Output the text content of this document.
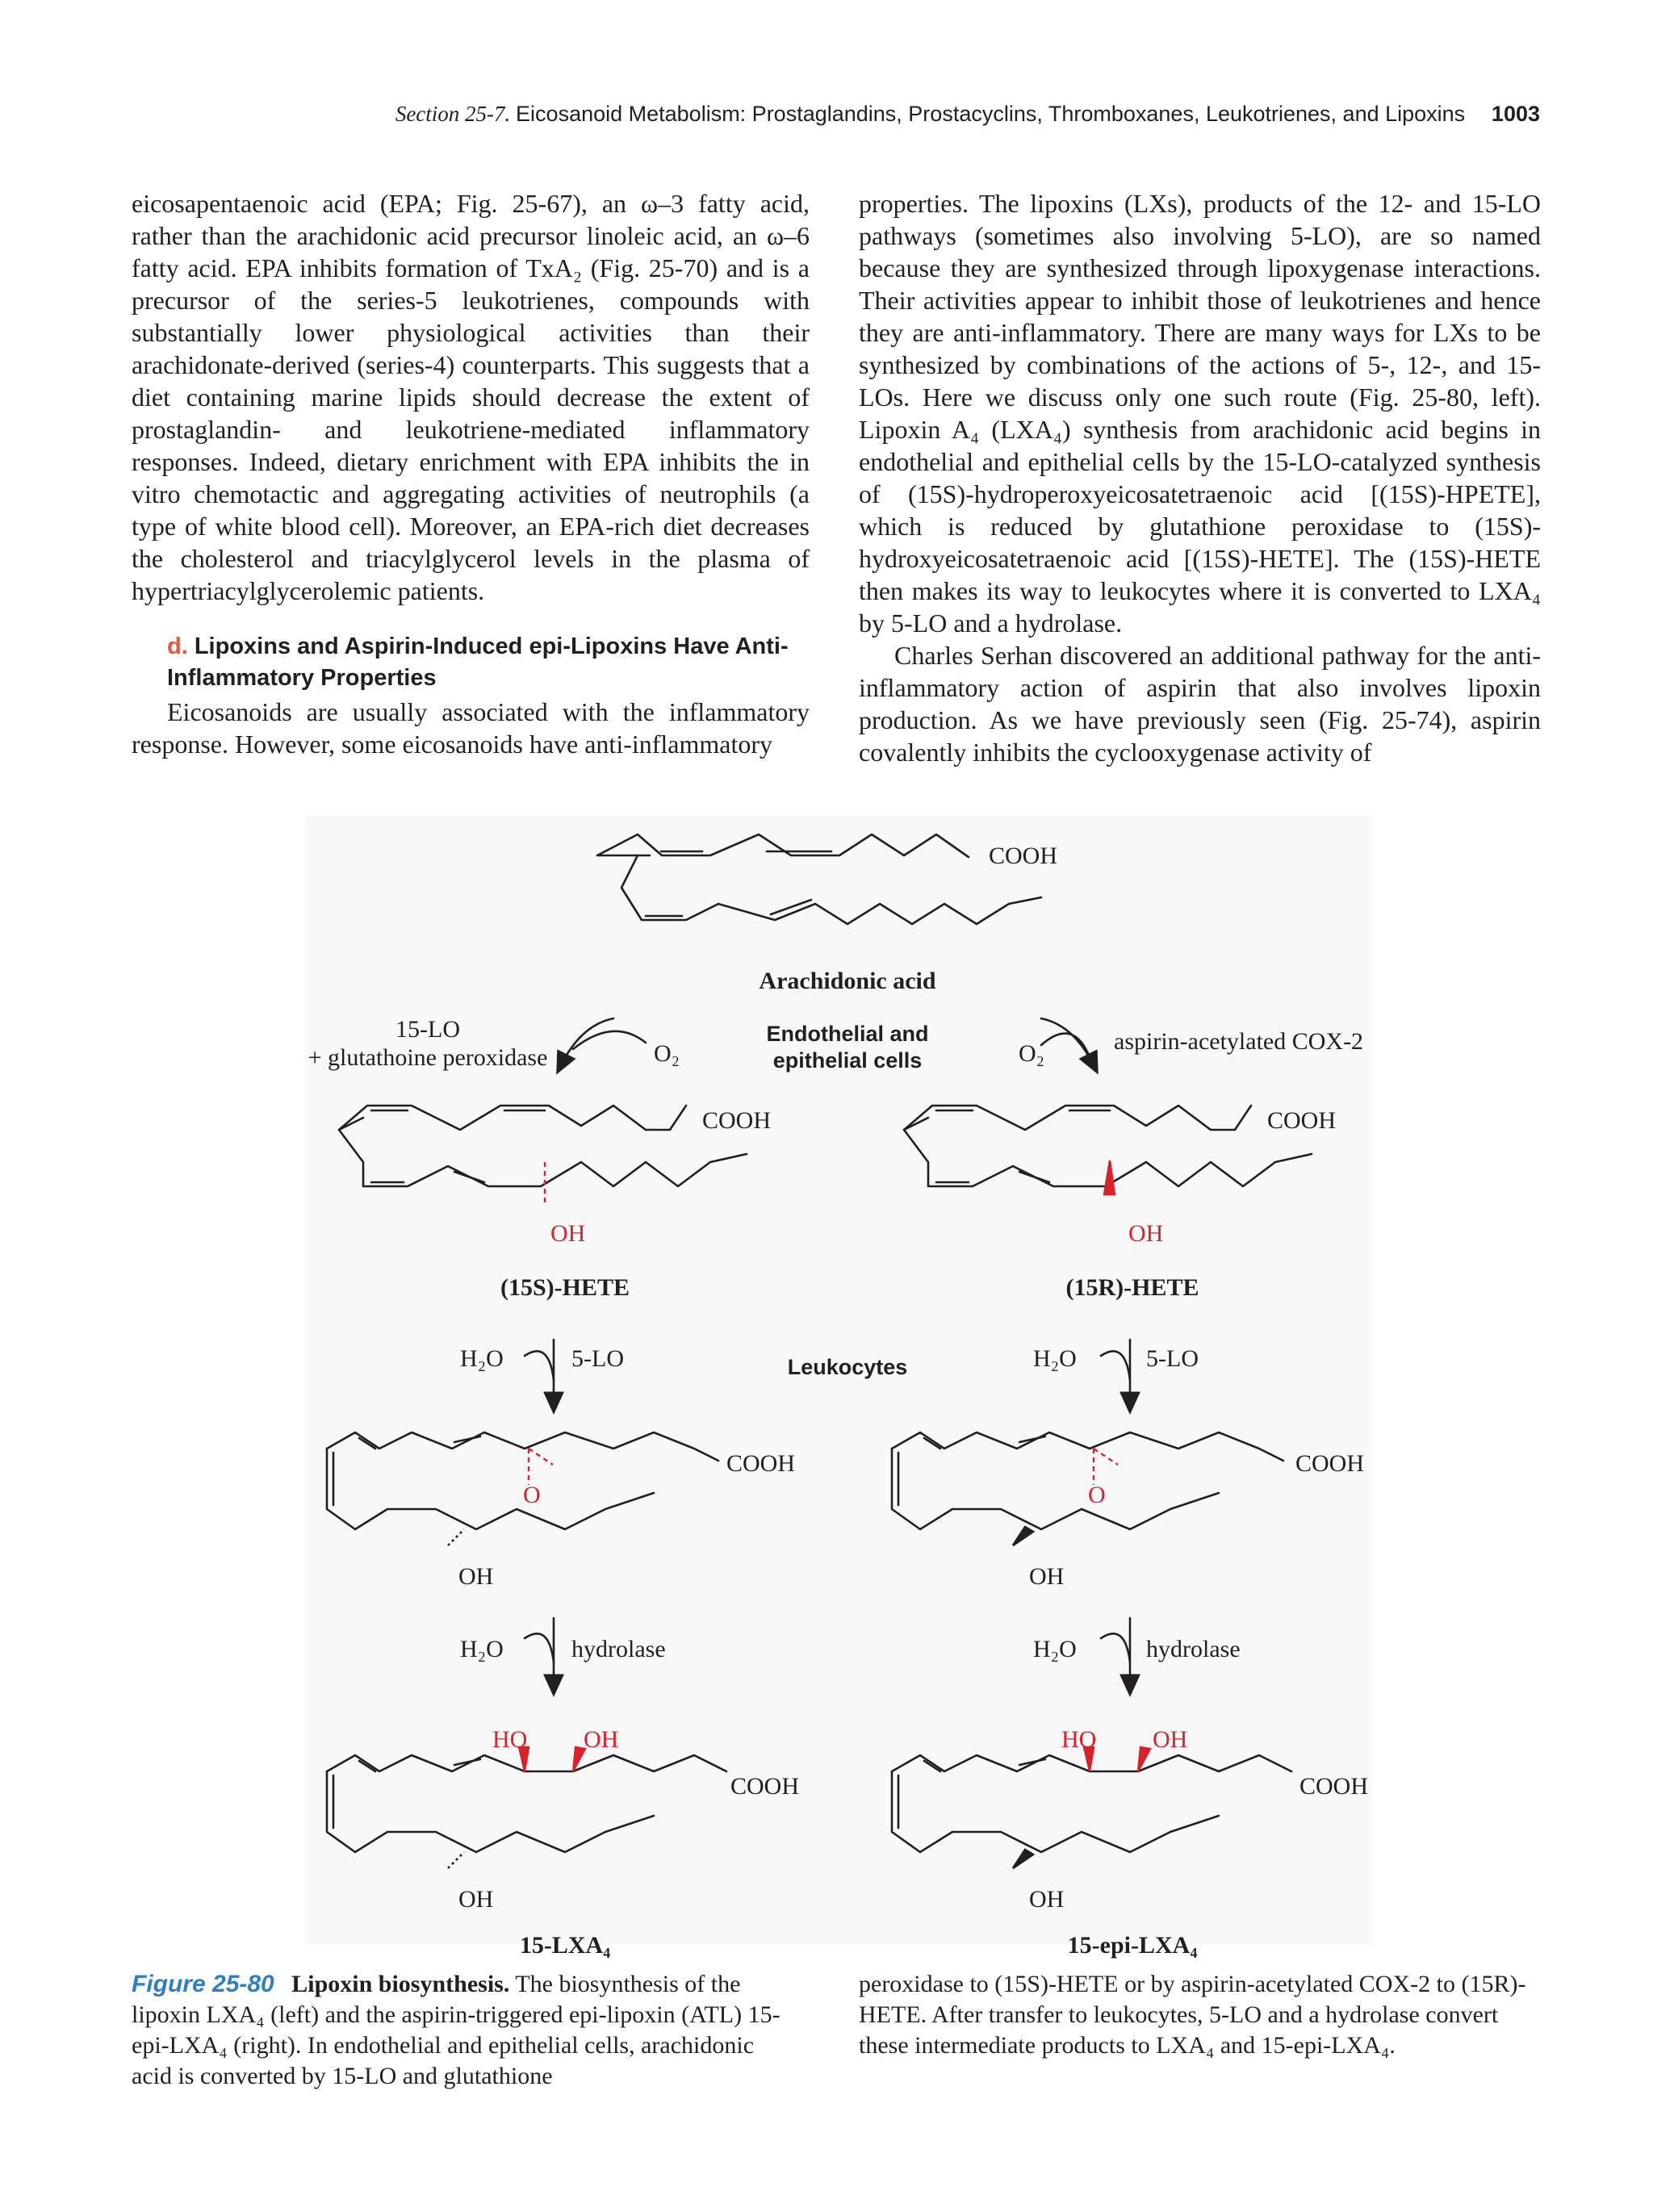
Section 25-7. Eicosanoid Metabolism: Prostaglandins, Prostacyclins, Thromboxanes, Leukotrienes, and Lipoxins 1003

eicosapentaenoic acid (EPA; Fig. 25-67), an ω–3 fatty acid, rather than the arachidonic acid precursor linoleic acid, an ω–6 fatty acid. EPA inhibits formation of TxA₂ (Fig. 25-70) and is a precursor of the series-5 leukotrienes, compounds with substantially lower physiological activities than their arachidonate-derived (series-4) counterparts. This suggests that a diet containing marine lipids should decrease the extent of prostaglandin- and leukotriene-mediated inflammatory responses. Indeed, dietary enrichment with EPA inhibits the in vitro chemotactic and aggregating activities of neutrophils (a type of white blood cell). Moreover, an EPA-rich diet decreases the cholesterol and triacylglycerol levels in the plasma of hypertriacylglycerolemic patients.

d. Lipoxins and Aspirin-Induced epi-Lipoxins Have Anti-Inflammatory Properties

Eicosanoids are usually associated with the inflammatory response. However, some eicosanoids have anti-inflammatory

properties. The lipoxins (LXs), products of the 12- and 15-LO pathways (sometimes also involving 5-LO), are so named because they are synthesized through lipoxygenase interactions. Their activities appear to inhibit those of leukotrienes and hence they are anti-inflammatory. There are many ways for LXs to be synthesized by combinations of the actions of 5-, 12-, and 15-LOs. Here we discuss only one such route (Fig. 25-80, left). Lipoxin A₄ (LXA₄) synthesis from arachidonic acid begins in endothelial and epithelial cells by the 15-LO-catalyzed synthesis of (15S)-hydroperoxyeicosatetraenoic acid [(15S)-HPETE], which is reduced by glutathione peroxidase to (15S)-hydroxyeicosatetraenoic acid [(15S)-HETE]. The (15S)-HETE then makes its way to leukocytes where it is converted to LXA₄ by 5-LO and a hydrolase.

Charles Serhan discovered an additional pathway for the anti-inflammatory action of aspirin that also involves lipoxin production. As we have previously seen (Fig. 25-74), aspirin covalently inhibits the cyclooxygenase activity of

COOH
Arachidonic acid
15-LO
+ glutathoine peroxidase	O₂	O₂	aspirin-acetylated COX-2
COOH	COOH
OH	OH
(15S)-HETE	(15R)-HETE
H₂O	5-LO	H₂O	5-LO
COOH	COOH
O	O
OH	OH
H₂O	hydrolase	H₂O	hydrolase
HO OH	HO OH
COOH	COOH
OH	OH
15-LXA₄	15-epi-LXA₄
Endothelial and
epithelial cells
Leukocytes
Figure 25-80 Lipoxin biosynthesis. The biosynthesis of the lipoxin LXA₄ (left) and the aspirin-triggered epi-lipoxin (ATL) 15-epi-LXA₄ (right). In endothelial and epithelial cells, arachidonic acid is converted by 15-LO and glutathione
peroxidase to (15S)-HETE or by aspirin-acetylated COX-2 to (15R)-HETE. After transfer to leukocytes, 5-LO and a hydrolase convert these intermediate products to LXA₄ and 15-epi-LXA₄.
